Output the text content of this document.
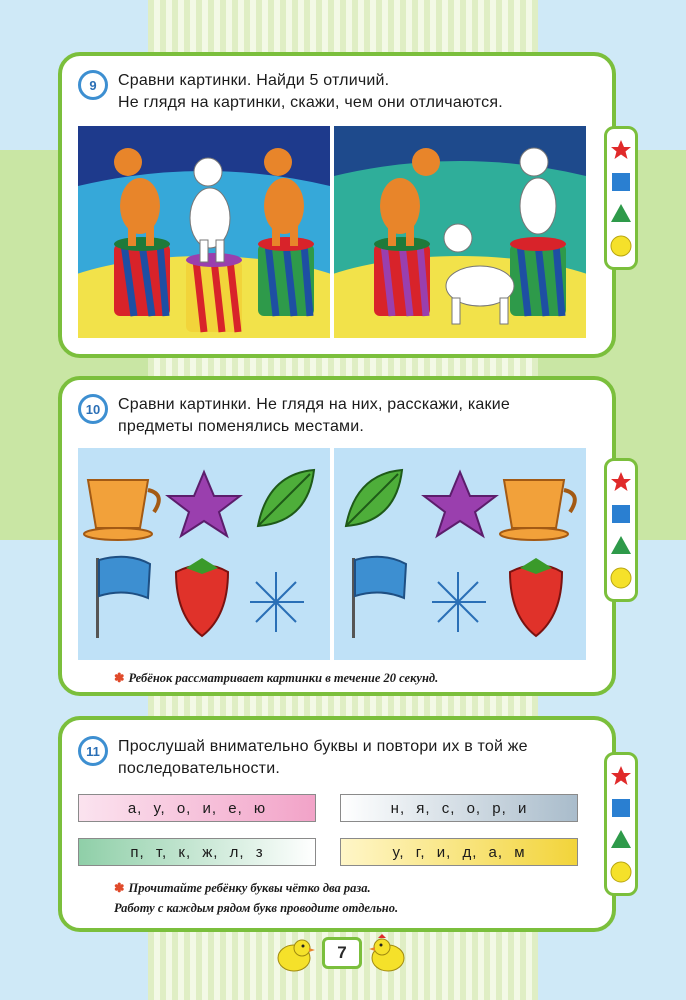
9	Сравни картинки. Найди 5 отличий.
Не глядя на картинки, скажи, чем они отличаются.
10	Сравни картинки. Не глядя на них, расскажи, какие
предметы поменялись местами.
✽ Ребёнок рассматривает картинки в течение 20 секунд.
11	Прослушай внимательно буквы и повтори их в той же
последовательности.
а, у, о, и, е, ю	н, я, с, о, р, и
п, т, к, ж, л, з	у, г, и, д, а, м
✽ Прочитайте ребёнку буквы чётко два раза.
Работу с каждым рядом букв проводите отдельно.
7
